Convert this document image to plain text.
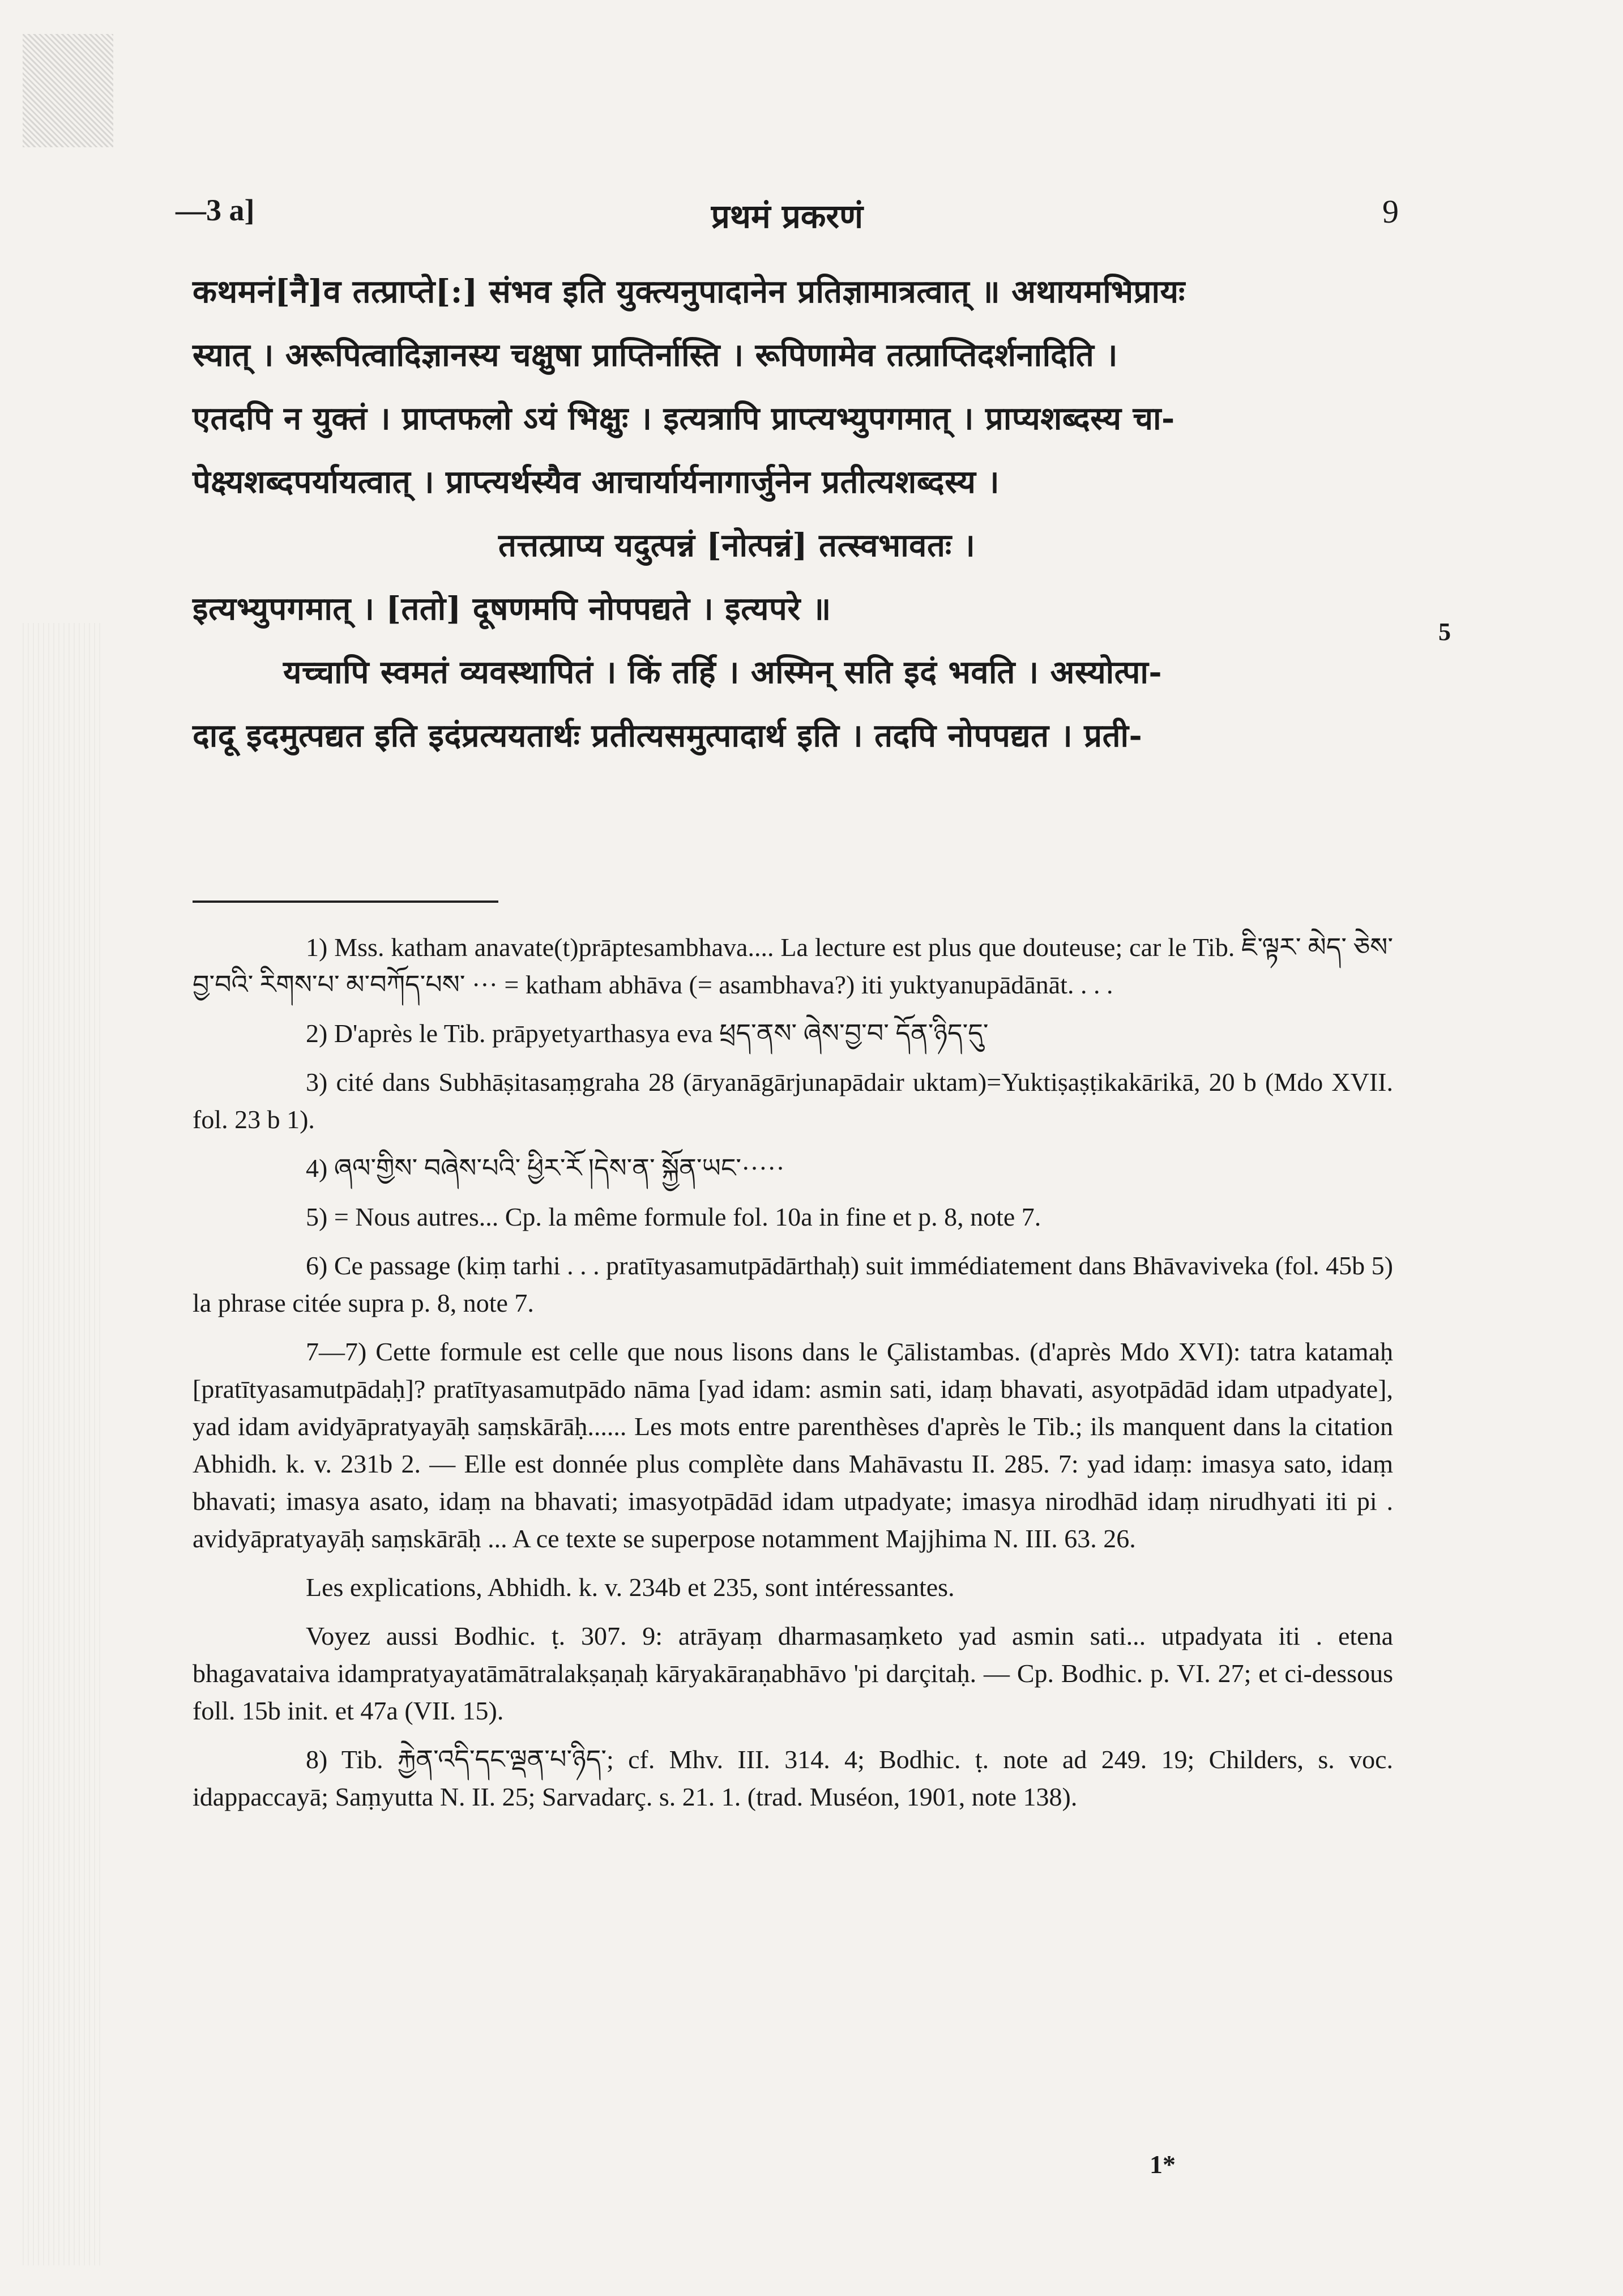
—3 a]	प्रथमं प्रकरणं	9
कथमनं[नै]व तत्प्राप्ते[:] संभव इति युक्त्यनुपादानेन प्रतिज्ञामात्रत्वात् ॥ अथायमभिप्रायः
स्यात् । अरूपित्वादिज्ञानस्य चक्षुषा प्राप्तिर्नास्ति । रूपिणामेव तत्प्राप्तिदर्शनादिति ।
एतदपि न युक्तं । प्राप्तफलो ऽयं भिक्षुः । इत्यत्रापि प्राप्त्यभ्युपगमात् । प्राप्यशब्दस्य चा-
पेक्ष्यशब्दपर्यायत्वात् । प्राप्त्यर्थस्यैव आचार्यार्यनागार्जुनेन प्रतीत्यशब्दस्य ।
तत्तत्प्राप्य यदुत्पन्नं [नोत्पन्नं] तत्स्वभावतः ।
इत्यभ्युपगमात् । [ततो] दूषणमपि नोपपद्यते । इत्यपरे ॥
यच्चापि स्वमतं व्यवस्थापितं । किं तर्हि । अस्मिन् सति इदं भवति । अस्योत्पा-
दादू इदमुत्पद्यत इति इदंप्रत्ययतार्थः प्रतीत्यसमुत्पादार्थ इति । तदपि नोपपद्यत । प्रती-
5

1) Mss. katham anavate(t)prāptesambhava.... La lecture est plus que douteuse; car le Tib. ཇི་ལྟར་ མེད་ ཅེས་བྱ་བའི་ རིགས་པ་ མ་བཀོད་པས་ ··· = katham abhāva (= asambhava?) iti yuktyanupādānāt. . . .

2) D'après le Tib. prāpyetyarthasya eva ཕྲད་ནས་ ཞེས་བྱ་བ་ དོན་ཉིད་དུ་

3) cité dans Subhāṣitasaṃgraha 28 (āryanāgārjunapādair uktam)=Yuktiṣaṣṭikakārikā, 20 b (Mdo XVII. fol. 23 b 1).

4) ཞལ་གྱིས་ བཞེས་པའི་ ཕྱིར་རོ །དེས་ན་ སྐྱོན་ཡང་·····

5) = Nous autres... Cp. la même formule fol. 10a in fine et p. 8, note 7.

6) Ce passage (kiṃ tarhi . . . pratītyasamutpādārthaḥ) suit immédiatement dans Bhāvaviveka (fol. 45b 5) la phrase citée supra p. 8, note 7.

7—7) Cette formule est celle que nous lisons dans le Çālistambas. (d'après Mdo XVI): tatra katamaḥ [pratītyasamutpādaḥ]? pratītyasamutpādo nāma [yad idam: asmin sati, idaṃ bhavati, asyotpādād idam utpadyate], yad idam avidyāpratyayāḥ saṃskārāḥ...... Les mots entre parenthèses d'après le Tib.; ils manquent dans la citation Abhidh. k. v. 231b 2. — Elle est donnée plus complète dans Mahāvastu II. 285. 7: yad idaṃ: imasya sato, idaṃ bhavati; imasya asato, idaṃ na bhavati; imasyotpādād idam utpadyate; imasya nirodhād idaṃ nirudhyati iti pi . avidyāpratyayāḥ saṃskārāḥ ... A ce texte se superpose notamment Majjhima N. III. 63. 26.

Les explications, Abhidh. k. v. 234b et 235, sont intéressantes.

Voyez aussi Bodhic. ṭ. 307. 9: atrāyaṃ dharmasaṃketo yad asmin sati... utpadyata iti . etena bhagavataiva idampratyayatāmātralakṣaṇaḥ kāryakāraṇabhāvo 'pi darçitaḥ. — Cp. Bodhic. p. VI. 27; et ci-dessous foll. 15b init. et 47a (VII. 15).

8) Tib. རྐྱེན་འདི་དང་ལྡན་པ་ཉིད་; cf. Mhv. III. 314. 4; Bodhic. ṭ. note ad 249. 19; Childers, s. voc. idappaccayā; Saṃyutta N. II. 25; Sarvadarç. s. 21. 1. (trad. Muséon, 1901, note 138).

1*
